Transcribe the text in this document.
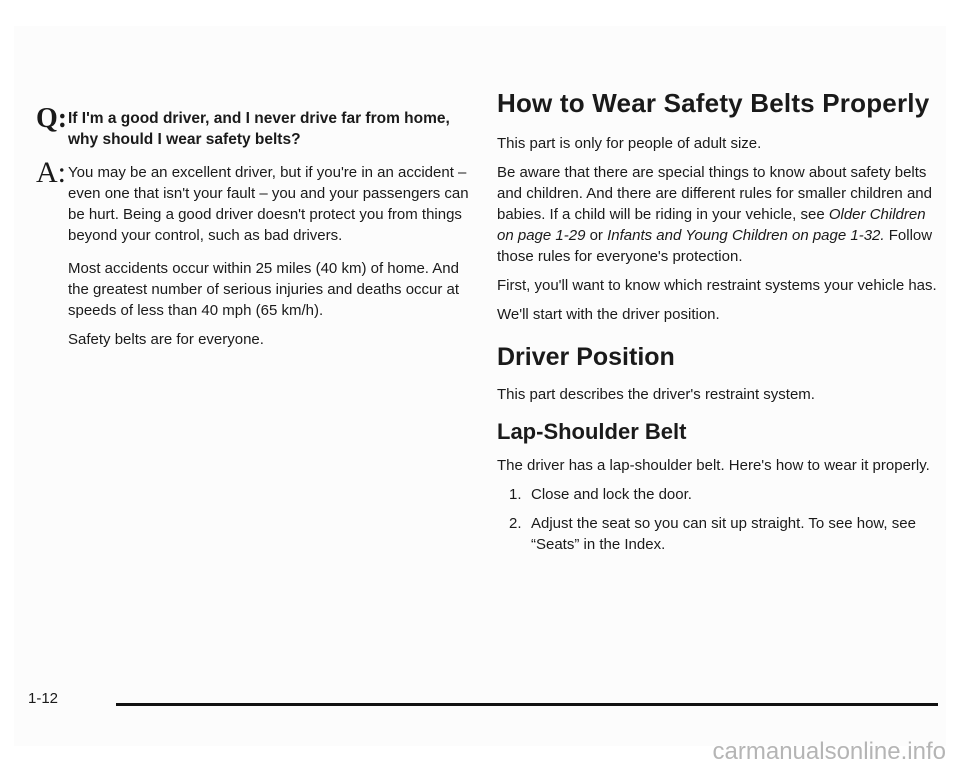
Q: If I'm a good driver, and I never drive far from home, why should I wear safety belts?
A: You may be an excellent driver, but if you're in an accident – even one that isn't your fault – you and your passengers can be hurt. Being a good driver doesn't protect you from things beyond your control, such as bad drivers.

Most accidents occur within 25 miles (40 km) of home. And the greatest number of serious injuries and deaths occur at speeds of less than 40 mph (65 km/h).

Safety belts are for everyone.

How to Wear Safety Belts Properly

This part is only for people of adult size.

Be aware that there are special things to know about safety belts and children. And there are different rules for smaller children and babies. If a child will be riding in your vehicle, see Older Children on page 1-29 or Infants and Young Children on page 1-32. Follow those rules for everyone's protection.

First, you'll want to know which restraint systems your vehicle has.

We'll start with the driver position.

Driver Position

This part describes the driver's restraint system.

Lap-Shoulder Belt

The driver has a lap-shoulder belt. Here's how to wear it properly.

1. Close and lock the door.
2. Adjust the seat so you can sit up straight. To see how, see “Seats” in the Index.
1-12
carmanualsonline.info
